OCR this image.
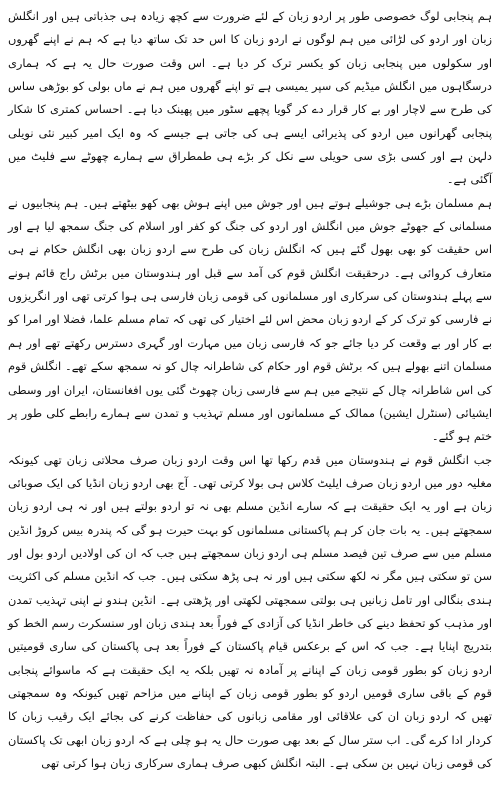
ہم پنجابی لوگ خصوصی طور پر اردو زبان کے لئے ضرورت سے کچھ زیادہ ہی جذباتی ہیں اور انگلش زبان اور اردو کی لڑائی میں ہم لوگوں نے اردو زبان کا اس حد تک ساتھ دیا ہے کہ ہم نے اپنے گھروں اور سکولوں میں پنجابی زبان کو یکسر ترک کر دیا ہے۔ اس وقت صورت حال یہ ہے کہ ہماری درسگاہوں میں انگلش میڈیم کی سپر یمیسی ہے تو اپنے گھروں میں ہم نے ماں بولی کو بوڑھی ساس کی طرح سے لاچار اور بے کار قرار دے کر گویا پچھے سٹور میں پھینک دیا ہے۔ احساس کمتری کا شکار پنجابی گھرانوں میں اردو کی پذیرائی ایسے ہی کی جاتی ہے جیسے کہ وہ ایک امیر کبیر نئی نویلی دلہن ہے اور کسی بڑی سی حویلی سے نکل کر بڑے ہی طمطراق سے ہمارے چھوٹے سے فلیٹ میں آگئی ہے۔

ہم مسلمان بڑے ہی جوشیلے ہوتے ہیں اور جوش میں اپنے ہوش بھی کھو بیٹھتے ہیں۔ ہم پنجابیوں نے مسلمانی کے جھوٹے جوش میں انگلش اور اردو کی جنگ کو کفر اور اسلام کی جنگ سمجھ لیا ہے اور اس حقیقت کو بھی بھول گئے ہیں کہ انگلش زبان کی طرح سے اردو زبان بھی انگلش حکام نے ہی متعارف کروائی ہے۔ درحقیقت انگلش قوم کی آمد سے قبل اور ہندوستان میں برٹش راج قائم ہونے سے پہلے ہندوستان کی سرکاری اور مسلمانوں کی قومی زبان فارسی ہی ہوا کرتی تھی اور انگریزوں نے فارسی کو ترک کر کے اردو زبان محض اس لئے اختیار کی تھی کہ تمام مسلم علما، فضلا اور امرا کو بے کار اور بے وقعت کر دیا جائے جو کہ فارسی زبان میں مہارت اور گہری دسترس رکھتے تھے اور ہم مسلمان اتنے بھولے ہیں کہ برٹش قوم اور حکام کی شاطرانہ چال کو نہ سمجھ سکے تھے۔ انگلش قوم کی اس شاطرانہ چال کے نتیجے میں ہم سے فارسی زبان چھوٹ گئی یوں افغانستان، ایران اور وسطی ایشیائی (سنٹرل ایشین) ممالک کے مسلمانوں اور مسلم تہذیب و تمدن سے ہمارے رابطے کلی طور پر ختم ہو گئے۔

جب انگلش قوم نے ہندوستان میں قدم رکھا تھا اس وقت اردو زبان صرف محلاتی زبان تھی کیونکہ مغلیہ دور میں اردو زبان صرف ایلیٹ کلاس ہی بولا کرتی تھی۔ آج بھی اردو زبان انڈیا کی ایک صوبائی زبان ہے اور یہ ایک حقیقت ہے کہ سارے انڈین مسلم بھی نہ تو اردو بولتے ہیں اور نہ ہی اردو زبان سمجھتے ہیں۔ یہ بات جان کر ہم پاکستانی مسلمانوں کو بہت حیرت ہو گی کہ پندرہ بیس کروڑ انڈین مسلم میں سے صرف تین فیصد مسلم ہی اردو زبان سمجھتے ہیں جب کہ ان کی اولادیں اردو بول اور سن تو سکتی ہیں مگر نہ لکھ سکتی ہیں اور نہ ہی پڑھ سکتی ہیں۔ جب کہ انڈین مسلم کی اکثریت ہندی بنگالی اور تامل زبانیں ہی بولتی سمجھتی لکھتی اور پڑھتی ہے۔ انڈین ہندو نے اپنی تہذیب تمدن اور مذہب کو تحفظ دینے کی خاطر انڈیا کی آزادی کے فوراً بعد ہندی زبان اور سنسکرت رسم الخط کو بتدریج اپنایا ہے۔ جب کہ اس کے برعکس قیام پاکستان کے فوراً بعد ہی پاکستان کی ساری قومیتیں اردو زبان کو بطور قومی زبان کے اپنانے پر آمادہ نہ تھیں بلکہ یہ ایک حقیقت ہے کہ ماسوائے پنجابی قوم کے باقی ساری قومیں اردو کو بطور قومی زبان کے اپنانے میں مزاحم تھیں کیونکہ وہ سمجھتی تھیں کہ اردو زبان ان کی علاقائی اور مقامی زبانوں کی حفاظت کرنے کی بجائے ایک رقیب زبان کا کردار ادا کرے گی۔ اب ستر سال کے بعد بھی صورت حال یہ ہو چلی ہے کہ اردو زبان ابھی تک پاکستان کی قومی زبان نہیں بن سکی ہے۔ البتہ انگلش کبھی صرف ہماری سرکاری زبان ہوا کرتی تھی
